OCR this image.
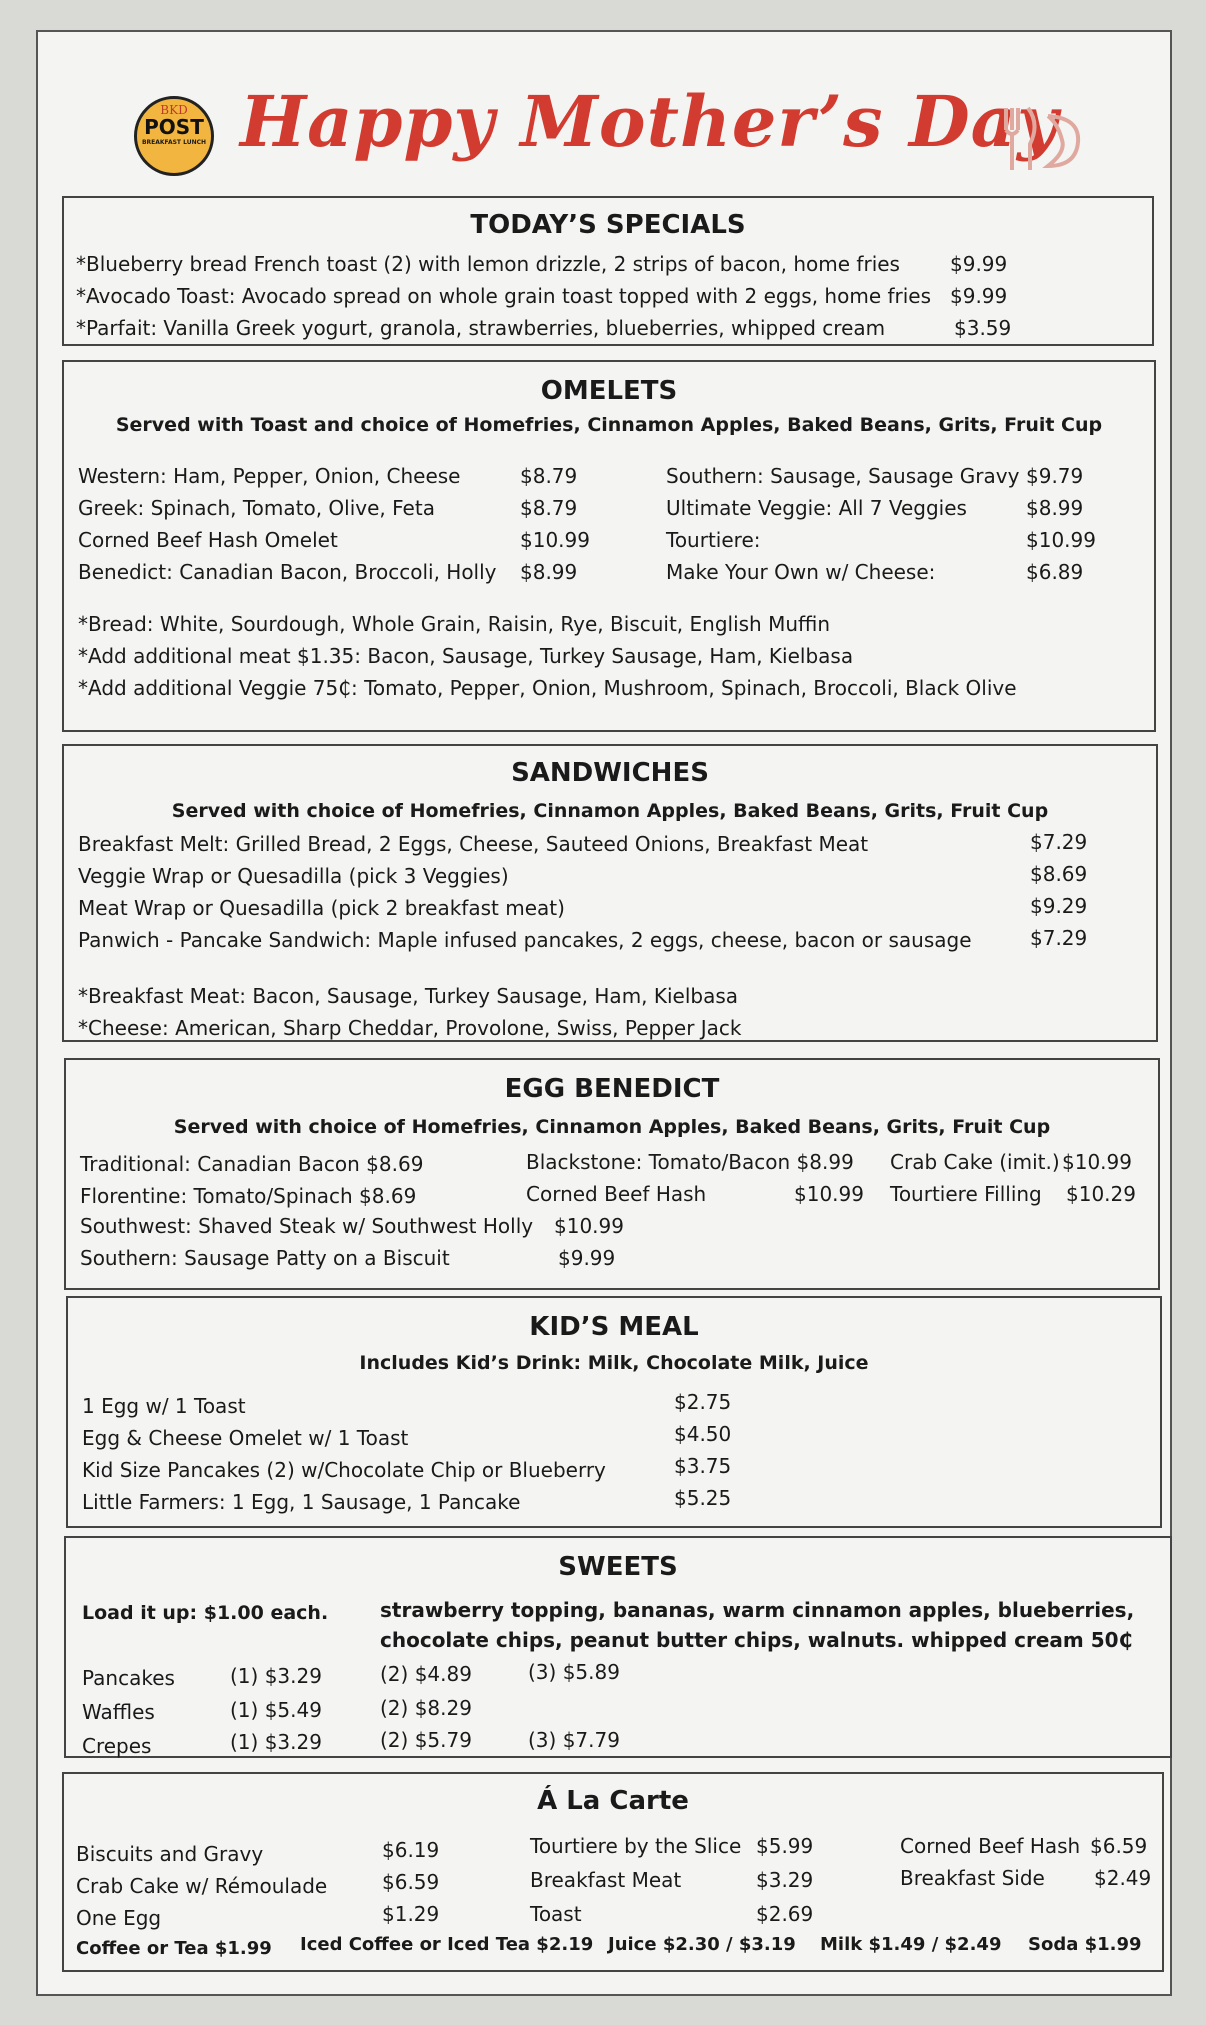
BKD
POST
BREAKFAST LUNCH Happy Mother’s Day
TODAY’S SPECIALS
*Blueberry bread French toast (2) with lemon drizzle, 2 strips of bacon, home fries	$9.99
*Avocado Toast: Avocado spread on whole grain toast topped with 2 eggs, home fries $9.99
*Parfait: Vanilla Greek yogurt, granola, strawberries, blueberries, whipped cream	$3.59
OMELETS
Served with Toast and choice of Homefries, Cinnamon Apples, Baked Beans, Grits, Fruit Cup
Western: Ham, Pepper, Onion, Cheese	$8.79
Greek: Spinach, Tomato, Olive, Feta	$8.79
Corned Beef Hash Omelet	$10.99
Benedict: Canadian Bacon, Broccoli, Holly $8.99
Southern: Sausage, Sausage Gravy $9.79
Ultimate Veggie: All 7 Veggies	$8.99
Tourtiere:	$10.99
Make Your Own w/ Cheese:	$6.89
*Bread: White, Sourdough, Whole Grain, Raisin, Rye, Biscuit, English Muffin
*Add additional meat $1.35: Bacon, Sausage, Turkey Sausage, Ham, Kielbasa
*Add additional Veggie 75₵: Tomato, Pepper, Onion, Mushroom, Spinach, Broccoli, Black Olive
SANDWICHES
Served with choice of Homefries, Cinnamon Apples, Baked Beans, Grits, Fruit Cup
Breakfast Melt: Grilled Bread, 2 Eggs, Cheese, Sauteed Onions, Breakfast Meat	$7.29
Veggie Wrap or Quesadilla (pick 3 Veggies)	$8.69
Meat Wrap or Quesadilla (pick 2 breakfast meat)	$9.29
Panwich - Pancake Sandwich: Maple infused pancakes, 2 eggs, cheese, bacon or sausage	$7.29
*Breakfast Meat: Bacon, Sausage, Turkey Sausage, Ham, Kielbasa
*Cheese: American, Sharp Cheddar, Provolone, Swiss, Pepper Jack
EGG BENEDICT
Served with choice of Homefries, Cinnamon Apples, Baked Beans, Grits, Fruit Cup
Traditional: Canadian Bacon $8.69
Florentine: Tomato/Spinach $8.69
Southwest: Shaved Steak w/ Southwest Holly $10.99
Southern: Sausage Patty on a Biscuit	$9.99
Blackstone: Tomato/Bacon $8.99
Corned Beef Hash	$10.99
Crab Cake (imit.) $10.99
Tourtiere Filling $10.29
KID’S MEAL
Includes Kid’s Drink: Milk, Chocolate Milk, Juice
1 Egg w/ 1 Toast	$2.75
Egg & Cheese Omelet w/ 1 Toast	$4.50
Kid Size Pancakes (2) w/Chocolate Chip or Blueberry	$3.75
Little Farmers: 1 Egg, 1 Sausage, 1 Pancake	$5.25
SWEETS
Load it up: $1.00 each.	strawberry topping, bananas, warm cinnamon apples, blueberries,
chocolate chips, peanut butter chips, walnuts. whipped cream 50₵
Pancakes	(1) $3.29	(2) $4.89	(3) $5.89
Waffles	(1) $5.49	(2) $8.29
Crepes	(1) $3.29	(2) $5.79	(3) $7.79
Á La Carte
Biscuits and Gravy	$6.19
Crab Cake w/ Rémoulade	$6.59
One Egg	$1.29
Tourtiere by the Slice $5.99
Breakfast Meat	$3.29
Toast	$2.69
Corned Beef Hash $6.59
Breakfast Side $2.49
Coffee or Tea $1.99 Iced Coffee or Iced Tea $2.19 Juice $2.30 / $3.19 Milk $1.49 / $2.49 Soda $1.99
